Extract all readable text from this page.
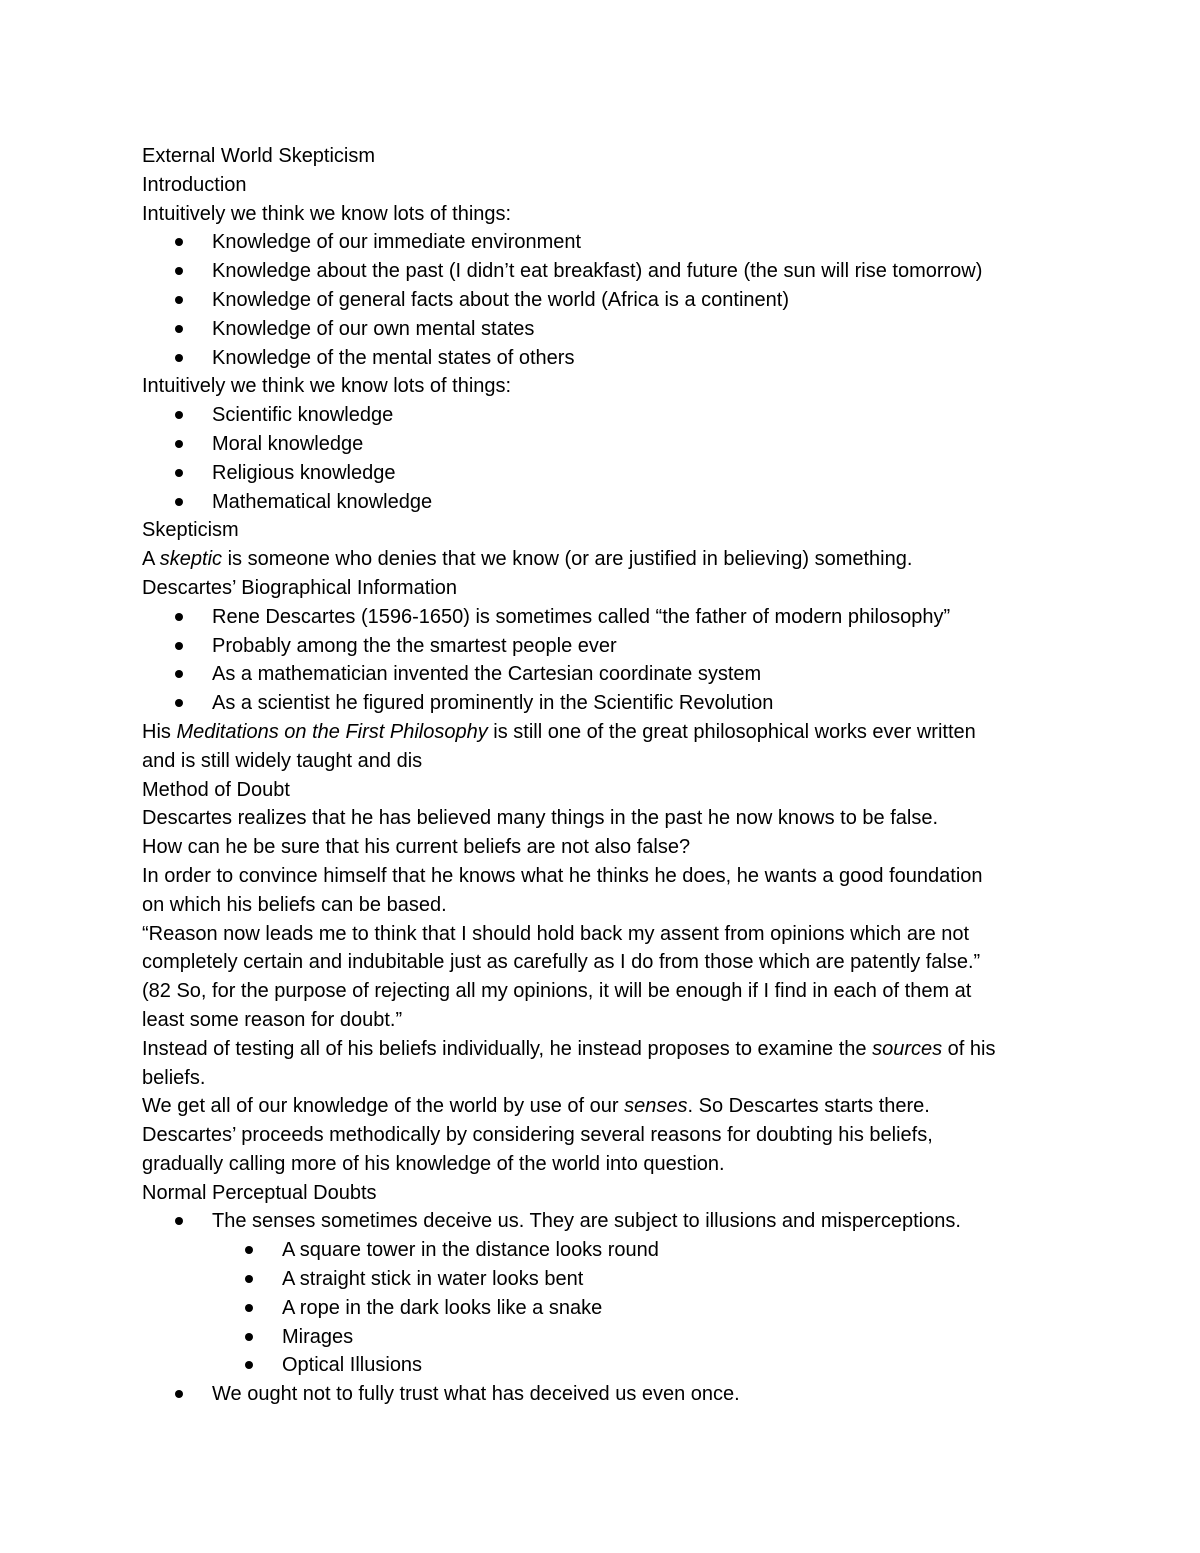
External World Skepticism
Introduction
Intuitively we think we know lots of things:
Knowledge of our immediate environment
Knowledge about the past (I didn’t eat breakfast) and future (the sun will rise tomorrow)
Knowledge of general facts about the world (Africa is a continent)
Knowledge of our own mental states
Knowledge of the mental states of others
Intuitively we think we know lots of things:
Scientific knowledge
Moral knowledge
Religious knowledge
Mathematical knowledge
Skepticism
A skeptic is someone who denies that we know (or are justified in believing) something.
Descartes’ Biographical Information
Rene Descartes (1596-1650) is sometimes called “the father of modern philosophy”
Probably among the the smartest people ever
As a mathematician invented the Cartesian coordinate system
As a scientist he figured prominently in the Scientific Revolution
His Meditations on the First Philosophy is still one of the great philosophical works ever written
and is still widely taught and dis
Method of Doubt
Descartes realizes that he has believed many things in the past he now knows to be false.
How can he be sure that his current beliefs are not also false?
In order to convince himself that he knows what he thinks he does, he wants a good foundation
on which his beliefs can be based.
“Reason now leads me to think that I should hold back my assent from opinions which are not
completely certain and indubitable just as carefully as I do from those which are patently false.”
(82 So, for the purpose of rejecting all my opinions, it will be enough if I find in each of them at
least some reason for doubt.”
Instead of testing all of his beliefs individually, he instead proposes to examine the sources of his
beliefs.
We get all of our knowledge of the world by use of our senses. So Descartes starts there.
Descartes’ proceeds methodically by considering several reasons for doubting his beliefs,
gradually calling more of his knowledge of the world into question.
Normal Perceptual Doubts
The senses sometimes deceive us. They are subject to illusions and misperceptions.
A square tower in the distance looks round
A straight stick in water looks bent
A rope in the dark looks like a snake
Mirages
Optical Illusions
We ought not to fully trust what has deceived us even once.
